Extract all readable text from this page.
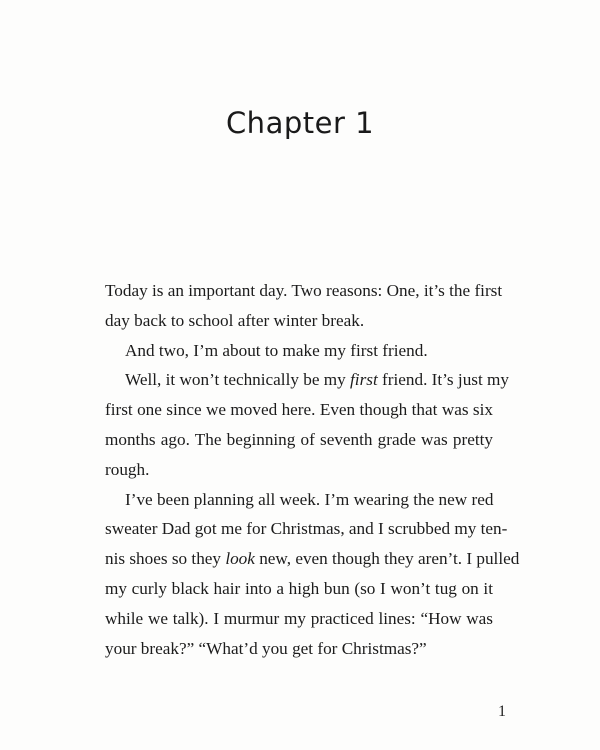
Chapter 1
Today is an important day. Two reasons: One, it’s the first
day back to school after winter break.
And two, I’m about to make my first friend.
Well, it won’t technically be my first friend. It’s just my
first one since we moved here. Even though that was six
months ago. The beginning of seventh grade was pretty
rough.
I’ve been planning all week. I’m wearing the new red
sweater Dad got me for Christmas, and I scrubbed my ten-
nis shoes so they look new, even though they aren’t. I pulled
my curly black hair into a high bun (so I won’t tug on it
while we talk). I murmur my practiced lines: “How was
your break?” “What’d you get for Christmas?”
1
